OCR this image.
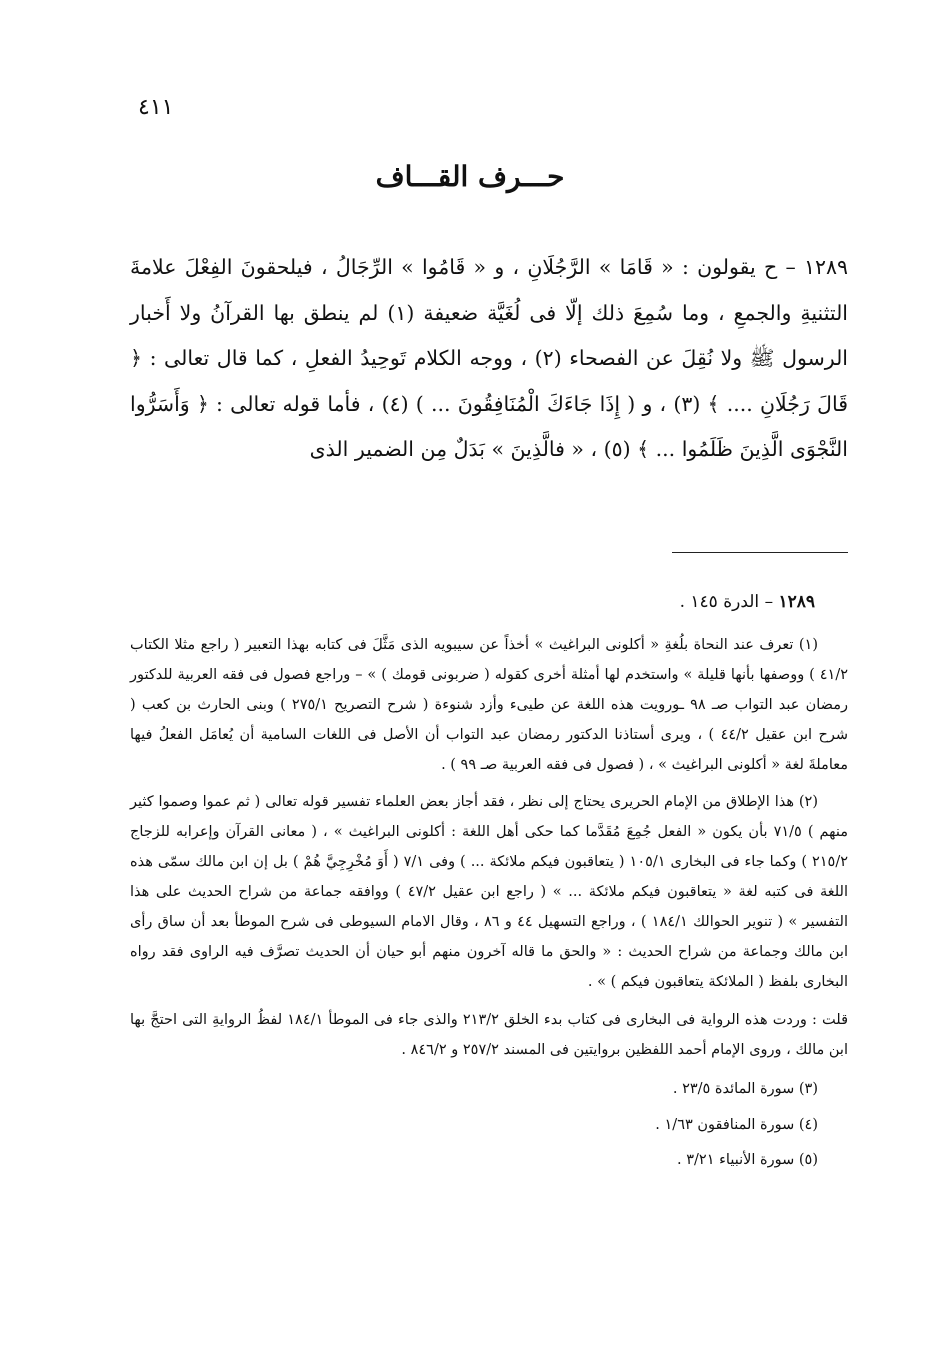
٤١١
حـــرف القـــاف
١٢٨٩ – ح يقولون : « قَامَا » الرَّجُلَانِ ، و « قَامُوا » الرِّجَالُ ، فيلحقونَ الفِعْلَ علامةَ التثنيةِ والجمعِ ، وما سُمِعَ ذلك إلّا فى لُغَيَّة ضعيفة (١) لم ينطق بها القرآنُ ولا أَخبار الرسول ﷺ ولا نُقِلَ عن الفصحاء (٢) ، ووجه الكلام تَوحِيدُ الفعلِ ، كما قال تعالى : ﴿ قَالَ رَجُلَانِ .... ﴾ (٣) ، و ( إِذَا جَاءَكَ الْمُنَافِقُونَ ... ) (٤) ، فأما قوله تعالى : ﴿ وَأَسَرُّوا النَّجْوَى الَّذِينَ ظَلَمُوا ... ﴾ (٥) ، « فالَّذِينَ » بَدَلٌ مِن الضمير الذى
١٢٨٩ – الدرة ١٤٥ .

(١) تعرف عند النحاة بلُغةِ « أكلونى البراغيث » أخذاً عن سيبويه الذى مَثَّلَ فى كتابه بهذا التعبير ( راجع مثلا الكتاب ٤١/٢ ) ووصفها بأنها قليلة » واستخدم لها أمثلة أخرى كقوله ( ضربونى قومك ) » – وراجع فصول فى فقه العربية للدكتور رمضان عبد التواب صـ ٩٨ ـورويت هذه اللغة عن طيىء وأزد شنوءة ( شرح التصريح ٢٧٥/١ ) وبنى الحارث بن كعب ( شرح ابن عقيل ٤٤/٢ ) ، ويرى أستاذنا الدكتور رمضان عبد التواب أن الأصل فى اللغات السامية أن يُعامَل الفعلُ فيها معاملةَ لغة « أكلونى البراغيث » ، ( فصول فى فقه العربية صـ ٩٩ ) .

(٢) هذا الإطلاق من الإمام الحريرى يحتاج إلى نظر ، فقد أجاز بعض العلماء تفسير قوله تعالى ( ثم عموا وصموا كثير منهم ) ٧١/٥ بأن يكون « الفعل جُمِعَ مُقَدَّما كما حكى أهل اللغة : أكلونى البراغيث » ، ( معانى القرآن وإعرابه للزجاج ٢١٥/٢ ) وكما جاء فى البخارى ١٠٥/١ ( يتعاقبون فيكم ملائكة ... ) وفى ٧/١ ( أَوَ مُخْرِجِيَّ هُمْ ) بل إن ابن مالك سمّى هذه اللغة فى كتبه لغة « يتعاقبون فيكم ملائكة ... » ( راجع ابن عقيل ٤٧/٢ ) ووافقه جماعة من شراح الحديث على هذا التفسير » ( تنوير الحوالك ١٨٤/١ ) ، وراجع التسهيل ٤٤ و ٨٦ ، وقال الامام السيوطى فى شرح الموطأ بعد أن ساق رأى ابن مالك وجماعة من شراح الحديث : « والحق ما قاله آخرون منهم أبو حيان أن الحديث تصرَّف فيه الراوى فقد رواه البخارى بلفظ ( الملائكة يتعاقبون فيكم ) » .

قلت : وردت هذه الرواية فى البخارى فى كتاب بدء الخلق ٢١٣/٢ والذى جاء فى الموطأ ١٨٤/١ لفظُ الروايةِ التى احتجَّ بها ابن مالك ، وروى الإمام أحمد اللفظين بروايتين فى المسند ٢٥٧/٢ و ٨٤٦/٢ .

(٣) سورة المائدة ٢٣/٥ .

(٤) سورة المنافقون ١/٦٣ .

(٥) سورة الأنبياء ٣/٢١ .
